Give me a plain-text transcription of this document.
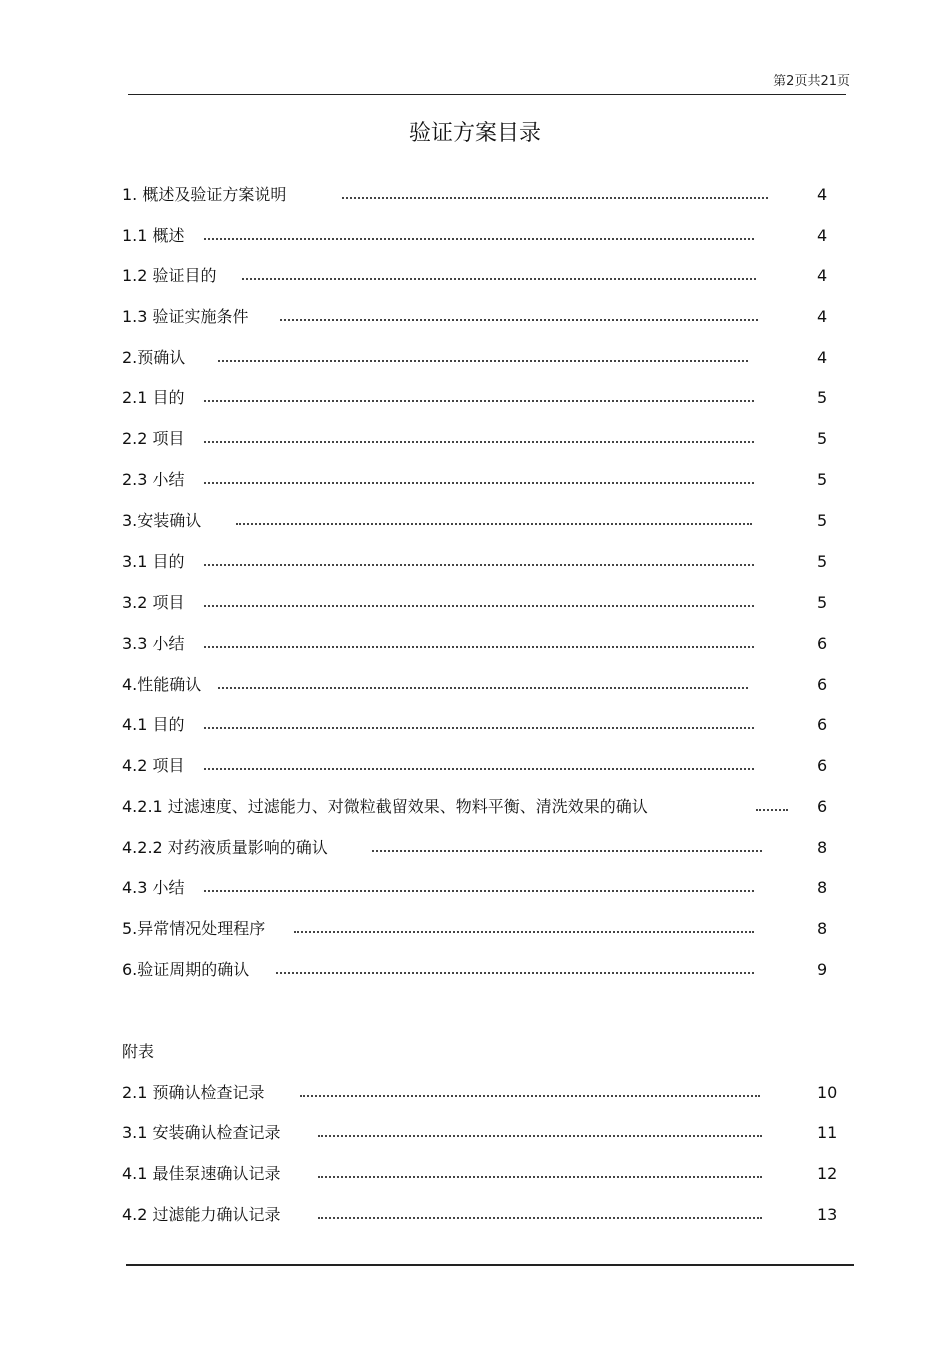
第2页共21页
验证方案目录
1. 概述及验证方案说明	4
1.1 概述	4
1.2 验证目的	4
1.3 验证实施条件	4
2.预确认	4
2.1 目的	5
2.2 项目	5
2.3 小结	5
3.安装确认	5
3.1 目的	5
3.2 项目	5
3.3 小结	6
4.性能确认	6
4.1 目的	6
4.2 项目	6
4.2.1 过滤速度、过滤能力、对微粒截留效果、物料平衡、清洗效果的确认	6
4.2.2 对药液质量影响的确认	8
4.3 小结	8
5.异常情况处理程序	8
6.验证周期的确认	9
附表
2.1 预确认检查记录	10
3.1 安装确认检查记录	11
4.1 最佳泵速确认记录	12
4.2 过滤能力确认记录	13
